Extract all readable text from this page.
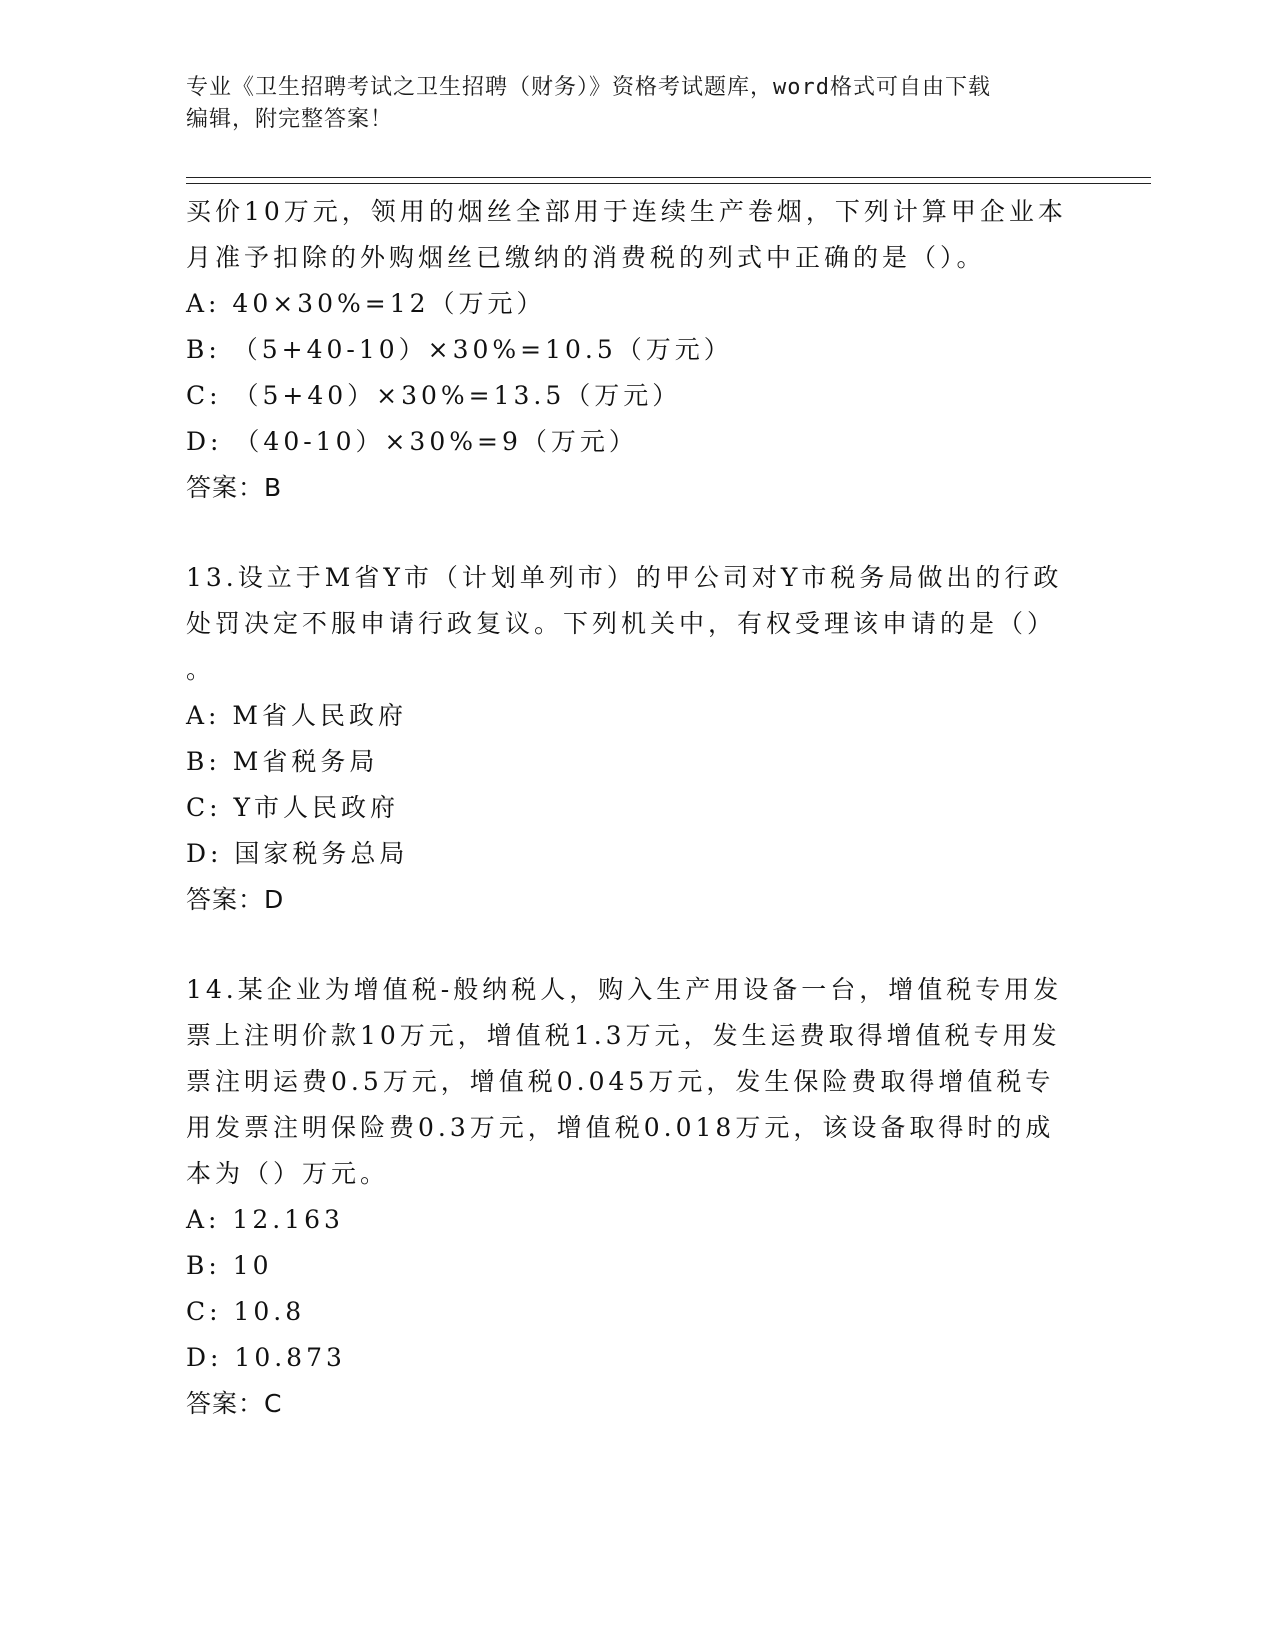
专业《卫生招聘考试之卫生招聘（财务）》资格考试题库，word格式可自由下载
编辑，附完整答案！
买价10万元，领用的烟丝全部用于连续生产卷烟，下列计算甲企业本
月准予扣除的外购烟丝已缴纳的消费税的列式中正确的是（）。
A: 40×30%=12（万元）
B: （5+40-10）×30%=10.5（万元）
C: （5+40）×30%=13.5（万元）
D: （40-10）×30%=9（万元）
答案：B
13.设立于M省Y市（计划单列市）的甲公司对Y市税务局做出的行政
处罚决定不服申请行政复议。下列机关中，有权受理该申请的是（）
。
A: M省人民政府
B: M省税务局
C: Y市人民政府
D: 国家税务总局
答案：D
14.某企业为增值税-般纳税人，购入生产用设备一台，增值税专用发
票上注明价款10万元，增值税1.3万元，发生运费取得增值税专用发
票注明运费0.5万元，增值税0.045万元，发生保险费取得增值税专
用发票注明保险费0.3万元，增值税0.018万元，该设备取得时的成
本为（）万元。
A: 12.163
B: 10
C: 10.8
D: 10.873
答案：C
